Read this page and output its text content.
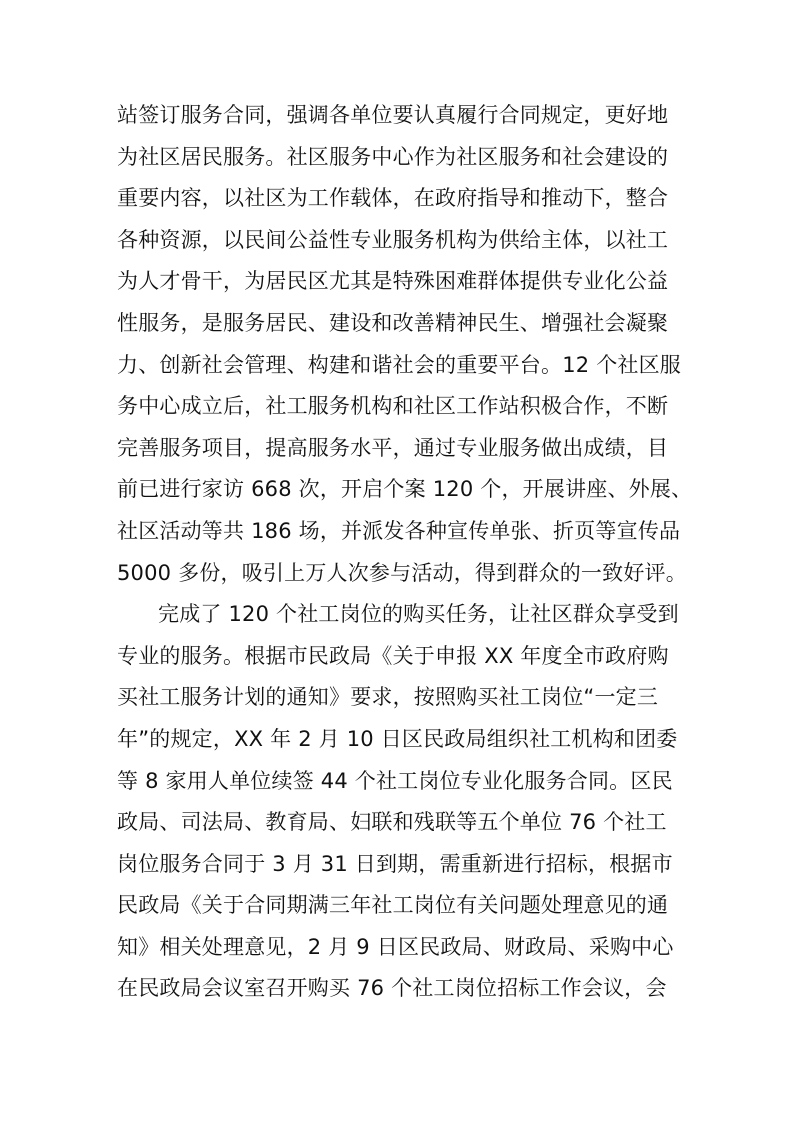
站签订服务合同，强调各单位要认真履行合同规定，更好地
为社区居民服务。社区服务中心作为社区服务和社会建设的
重要内容，以社区为工作载体，在政府指导和推动下，整合
各种资源，以民间公益性专业服务机构为供给主体，以社工
为人才骨干，为居民区尤其是特殊困难群体提供专业化公益
性服务，是服务居民、建设和改善精神民生、增强社会凝聚
力、创新社会管理、构建和谐社会的重要平台。12 个社区服
务中心成立后，社工服务机构和社区工作站积极合作，不断
完善服务项目，提高服务水平，通过专业服务做出成绩，目
前已进行家访 668 次，开启个案 120 个，开展讲座、外展、
社区活动等共 186 场，并派发各种宣传单张、折页等宣传品
5000 多份，吸引上万人次参与活动，得到群众的一致好评。
完成了 120 个社工岗位的购买任务，让社区群众享受到
专业的服务。根据市民政局《关于申报 XX 年度全市政府购
买社工服务计划的通知》要求，按照购买社工岗位“一定三
年”的规定，XX 年 2 月 10 日区民政局组织社工机构和团委
等 8 家用人单位续签 44 个社工岗位专业化服务合同。区民
政局、司法局、教育局、妇联和残联等五个单位 76 个社工
岗位服务合同于 3 月 31 日到期，需重新进行招标，根据市
民政局《关于合同期满三年社工岗位有关问题处理意见的通
知》相关处理意见，2 月 9 日区民政局、财政局、采购中心
在民政局会议室召开购买 76 个社工岗位招标工作会议，会
